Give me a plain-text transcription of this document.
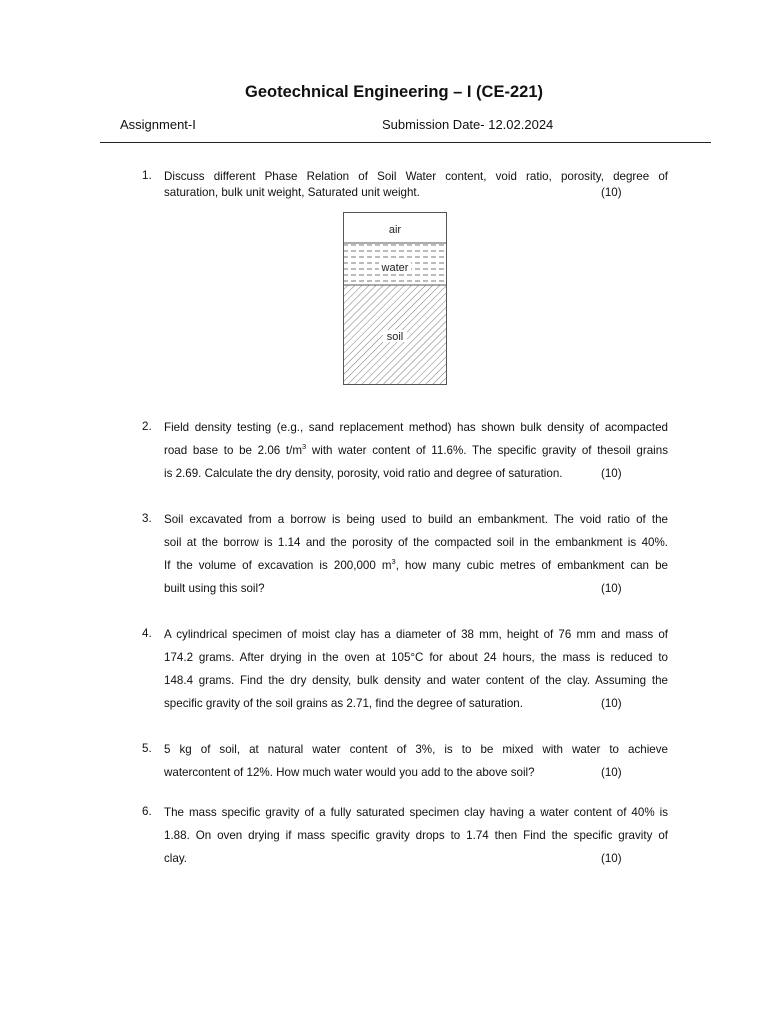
Geotechnical Engineering – I (CE-221)
Assignment-I	Submission Date- 12.02.2024
1. Discuss different Phase Relation of Soil Water content, void ratio, porosity, degree of
saturation, bulk unit weight, Saturated unit weight.	(10)
air
water
soil
2. Field density testing (e.g., sand replacement method) has shown bulk density of acompacted
road base to be 2.06 $t/m^3$ with water content of 11.6%. The specific gravity of thesoil grains
is 2.69. Calculate the dry density, porosity, void ratio and degree of saturation.	(10)
3. Soil excavated from a borrow is being used to build an embankment. The void ratio of the
soil at the borrow is 1.14 and the porosity of the compacted soil in the embankment is 40%.
If the volume of excavation is 200,000 $m^3$, how many cubic metres of embankment can be
built using this soil?	(10)
4. A cylindrical specimen of moist clay has a diameter of 38 mm, height of 76 mm and mass of
174.2 grams. After drying in the oven at 105°C for about 24 hours, the mass is reduced to
148.4 grams. Find the dry density, bulk density and water content of the clay. Assuming the
specific gravity of the soil grains as 2.71, find the degree of saturation.	(10)
5. 5 kg of soil, at natural water content of 3%, is to be mixed with water to achieve
watercontent of 12%. How much water would you add to the above soil?	(10)
6. The mass specific gravity of a fully saturated specimen clay having a water content of 40% is
1.88. On oven drying if mass specific gravity drops to 1.74 then Find the specific gravity of
clay.	(10)
